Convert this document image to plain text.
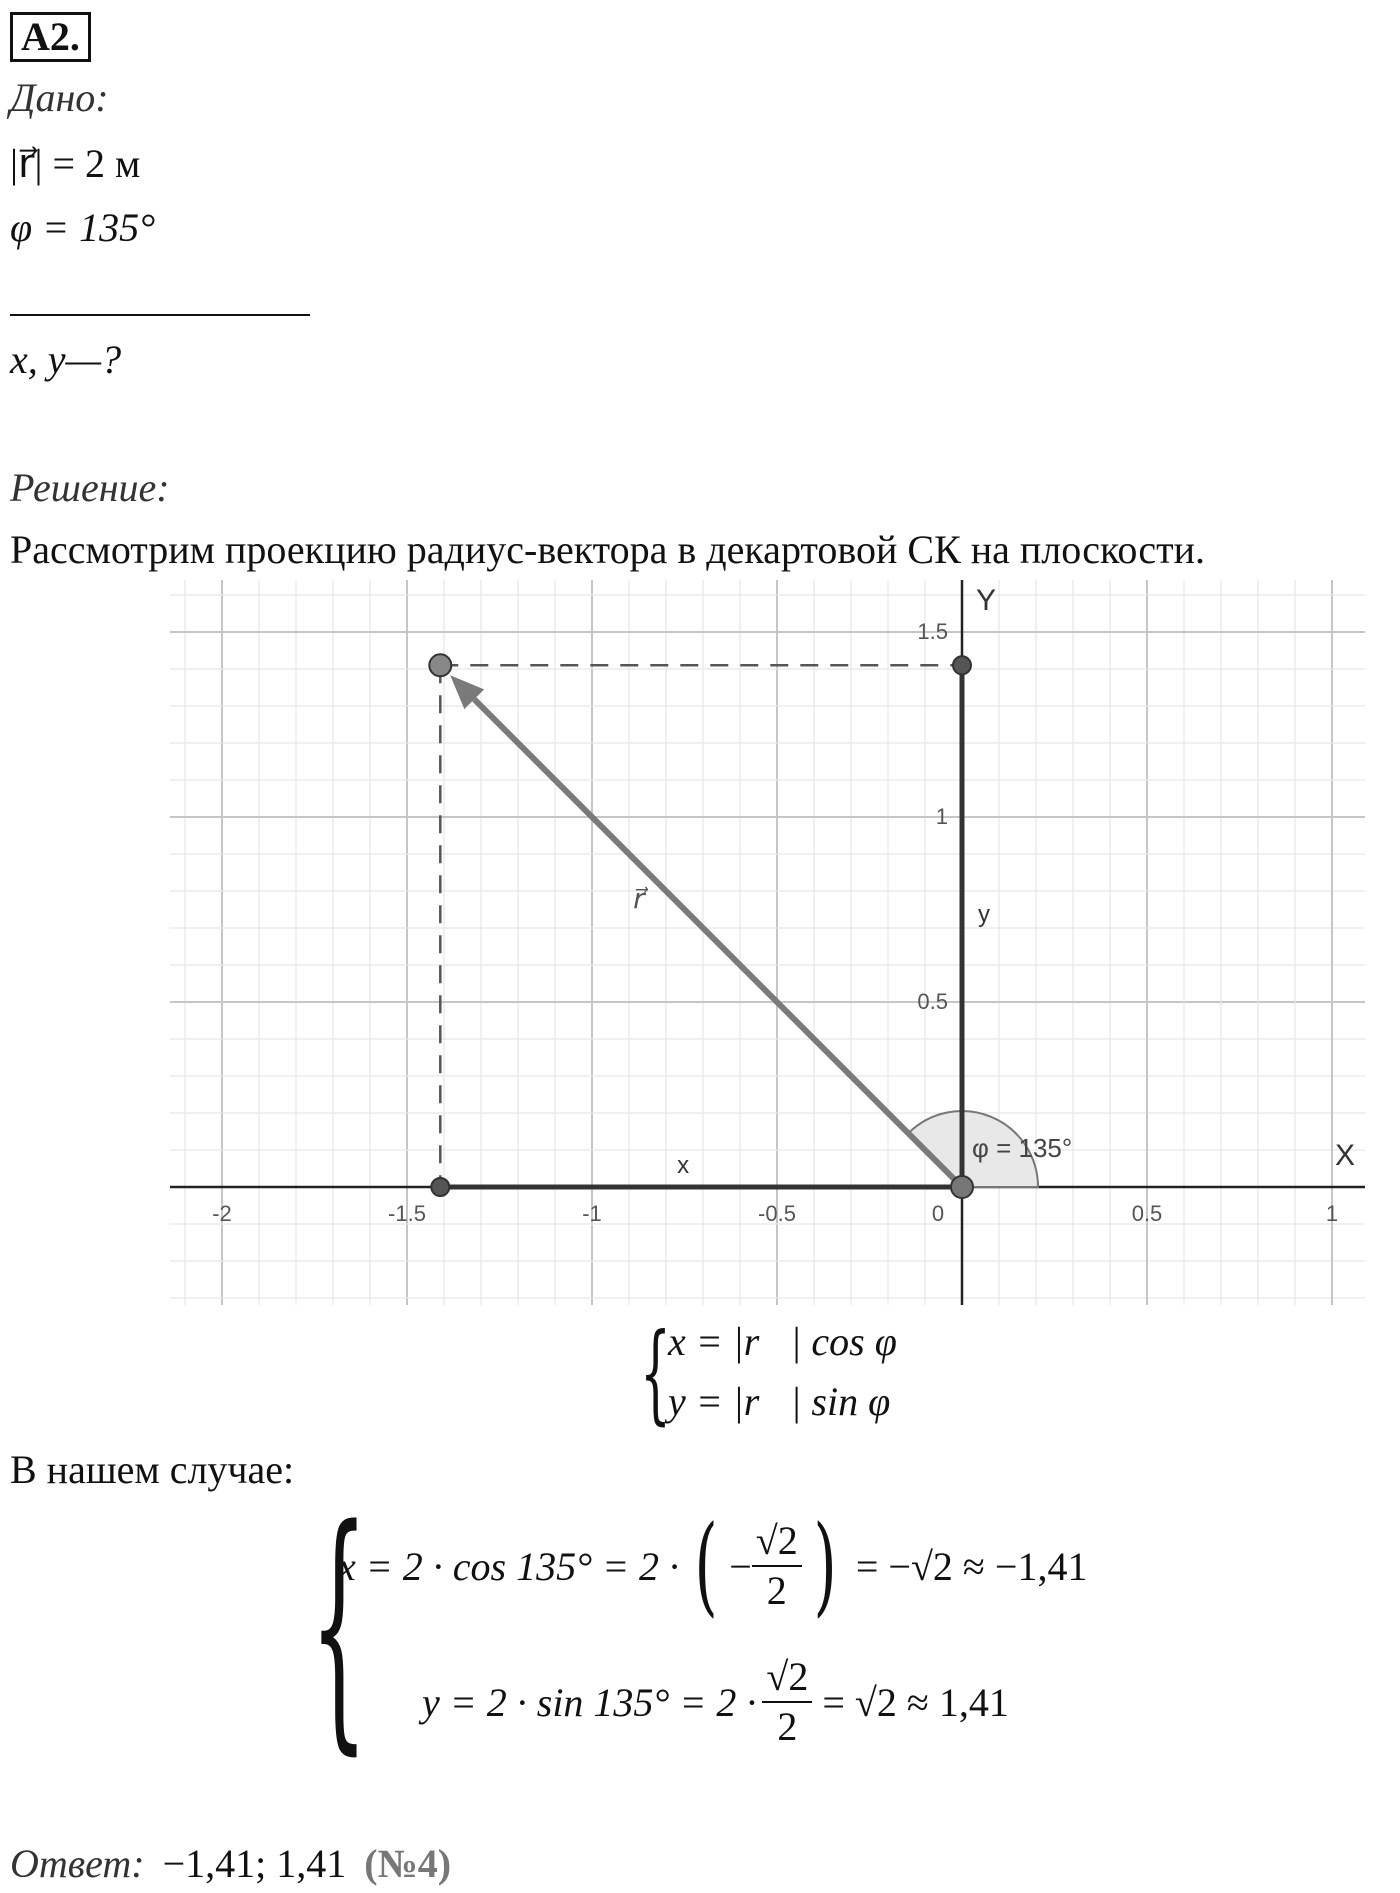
А2.
Дано:
|r⃗| = 2 м
φ = 135°
x, y—?
Решение:
Рассмотрим проекцию радиус-вектора в декартовой СК на плоскости.
X
Y
-2	-1.5	-1	-0.5	0	0.5	1
0.5
1
1.5
φ = 135°
x
y
r⃗
{
x = |r⃗| cos φ
y = |r⃗| sin φ
В нашем случае:
{
x = 2 · cos 135° = 2 · ( − $\frac{√2}{2}$ ) = −√2 ≈ −1,41
$y = 2 \cdot \sin 135^\circ = 2 \cdot \frac{√2}{2} = √2 \approx 1,41$
Ответ: −1,41; 1,41 (№4)
